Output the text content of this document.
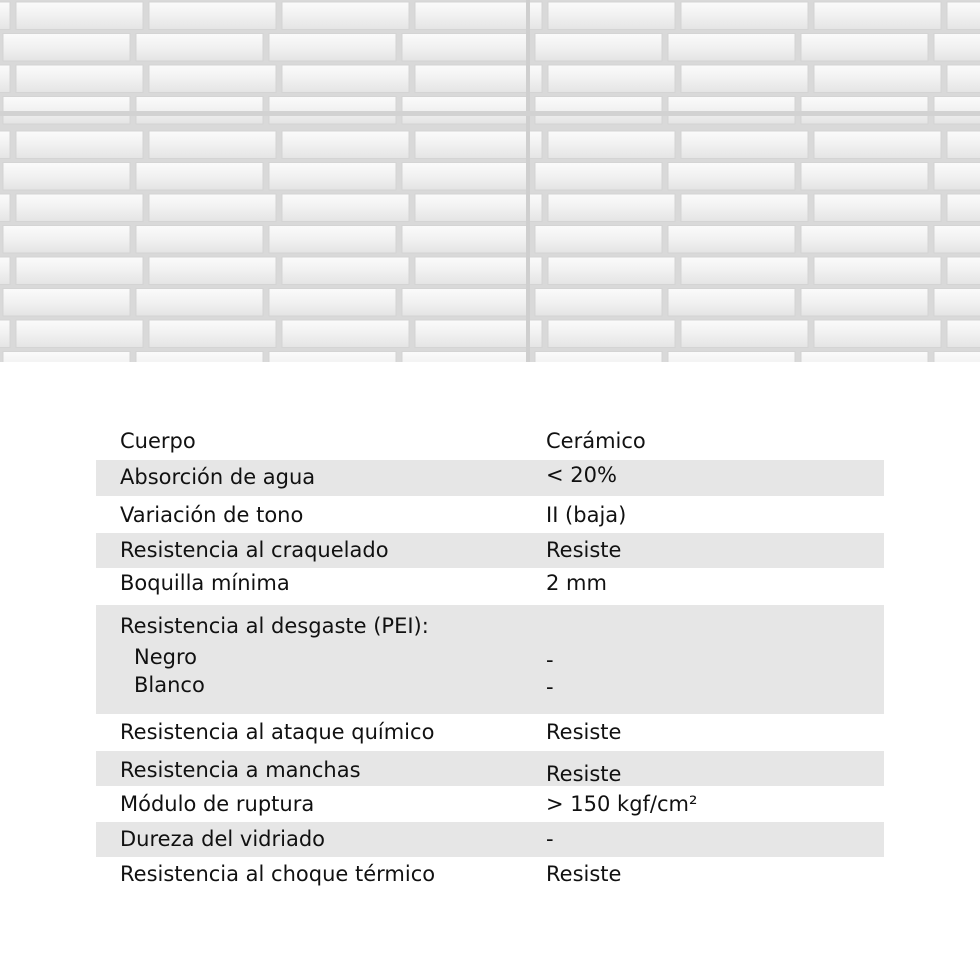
Cuerpo	Cerámico
Absorción de agua	< 20%
Variación de tono	II (baja)
Resistencia al craquelado	Resiste
Boquilla mínima	2 mm
Resistencia al desgaste (PEI):
Negro	-
Blanco	-
Resistencia al ataque químico	Resiste
Resistencia a manchas	Resiste
Módulo de ruptura	> 150 kgf/cm²
Dureza del vidriado	-
Resistencia al choque térmico	Resiste
